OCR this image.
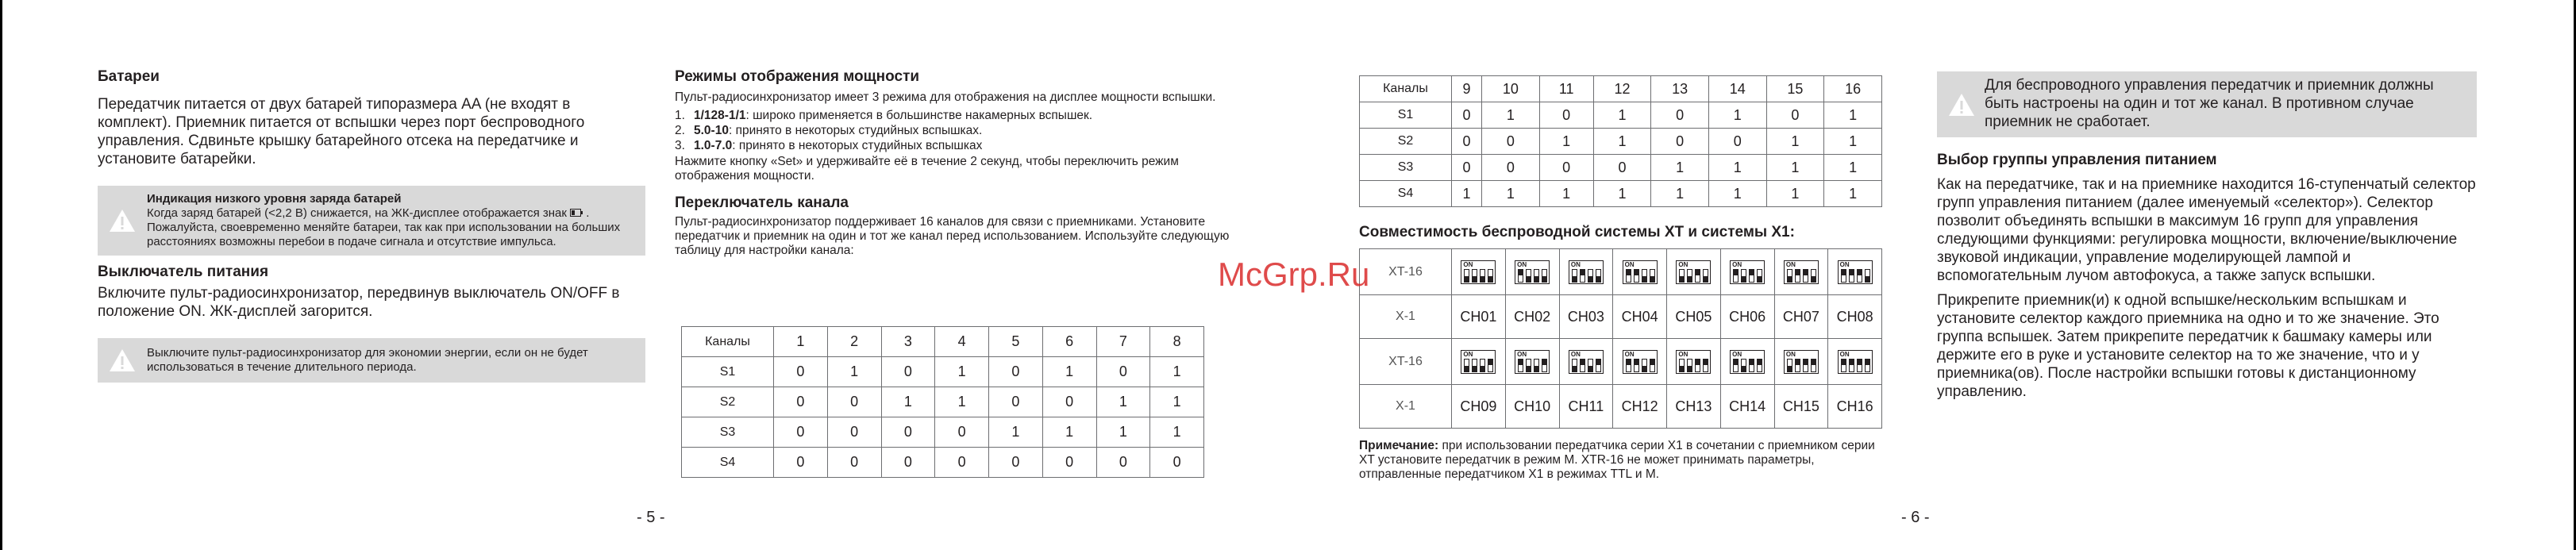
Батареи

Передатчик питается от двух батарей типоразмера AA (не входят в комплект). Приемник питается от вспышки через порт беспроводного управления. Сдвиньте крышку батарейного отсека на передатчике и установите батарейки.

Индикация низкого уровня заряда батарей
Когда заряд батарей (<2,2 В) снижается, на ЖК-дисплее отображается знак  . Пожалуйста, своевременно меняйте батареи, так как при использовании на больших расстояниях возможны перебои в подаче сигнала и отсутствие импульса.
Выключатель питания

Включите пульт-радиосинхронизатор, передвинув выключатель ON/OFF в положение ON. ЖК-дисплей загорится.

Выключите пульт-радиосинхронизатор для экономии энергии, если он не будет использоваться в течение длительного периода.
Режимы отображения мощности

Пульт-радиосинхронизатор имеет 3 режима для отображения на дисплее мощности вспышки.

1. 1/128-1/1: широко применяется в большинстве накамерных вспышек.
2. 5.0-10: принято в некоторых студийных вспышках.
3. 1.0-7.0: принято в некоторых студийных вспышках

Нажмите кнопку «Set» и удерживайте её в течение 2 секунд, чтобы переключить режим отображения мощности.

Переключатель канала

Пульт-радиосинхронизатор поддерживает 16 каналов для связи с приемниками. Установите передатчик и приемник на один и тот же канал перед использованием. Используйте следующую таблицу для настройки канала:

Каналы	1	2	3	4	5	6	7	8
S1	0	1	0	1	0	1	0	1
S2	0	0	1	1	0	0	1	1
S3	0	0	0	0	1	1	1	1
S4	0	0	0	0	0	0	0	0
Каналы	9	10	11	12	13	14	15	16
S1	0	1	0	1	0	1	0	1
S2	0	0	1	1	0	0	1	1
S3	0	0	0	0	1	1	1	1
S4	1	1	1	1	1	1	1	1
Совместимость беспроводной системы XT и системы X1:
XT-16	ON	ON	ON	ON	ON	ON	ON	ON

X-1	CH01	CH02	CH03	CH04	CH05	CH06	CH07	CH08
XT-16	ON	ON	ON	ON	ON	ON	ON	ON

X-1	CH09	CH10	CH11	CH12	CH13	CH14	CH15	CH16

Примечание: при использовании передатчика серии X1 в сочетании с приемником серии XT установите передатчик в режим M. XTR-16 не может принимать параметры, отправленные передатчиком X1 в режимах TTL и M.

Для беспроводного управления передатчик и приемник должны быть настроены на один и тот же канал. В противном случае приемник не сработает.
Выбор группы управления питанием

Как на передатчике, так и на приемнике находится 16-ступенчатый селектор групп управления питанием (далее именуемый «селектор»). Селектор позволит объединять вспышки в максимум 16 групп для управления следующими функциями: регулировка мощности, включение/выключение звуковой индикации, управление моделирующей лампой и вспомогательным лучом автофокуса, а также запуск вспышки.

Прикрепите приемник(и) к одной вспышке/нескольким вспышкам и установите селектор каждого приемника на одно и то же значение. Это группа вспышек. Затем прикрепите передатчик к башмаку камеры или держите его в руке и установите селектор на то же значение, что и у приемника(ов). После настройки вспышки готовы к дистанционному управлению.

- 5 -	- 6 -
McGrp.Ru
